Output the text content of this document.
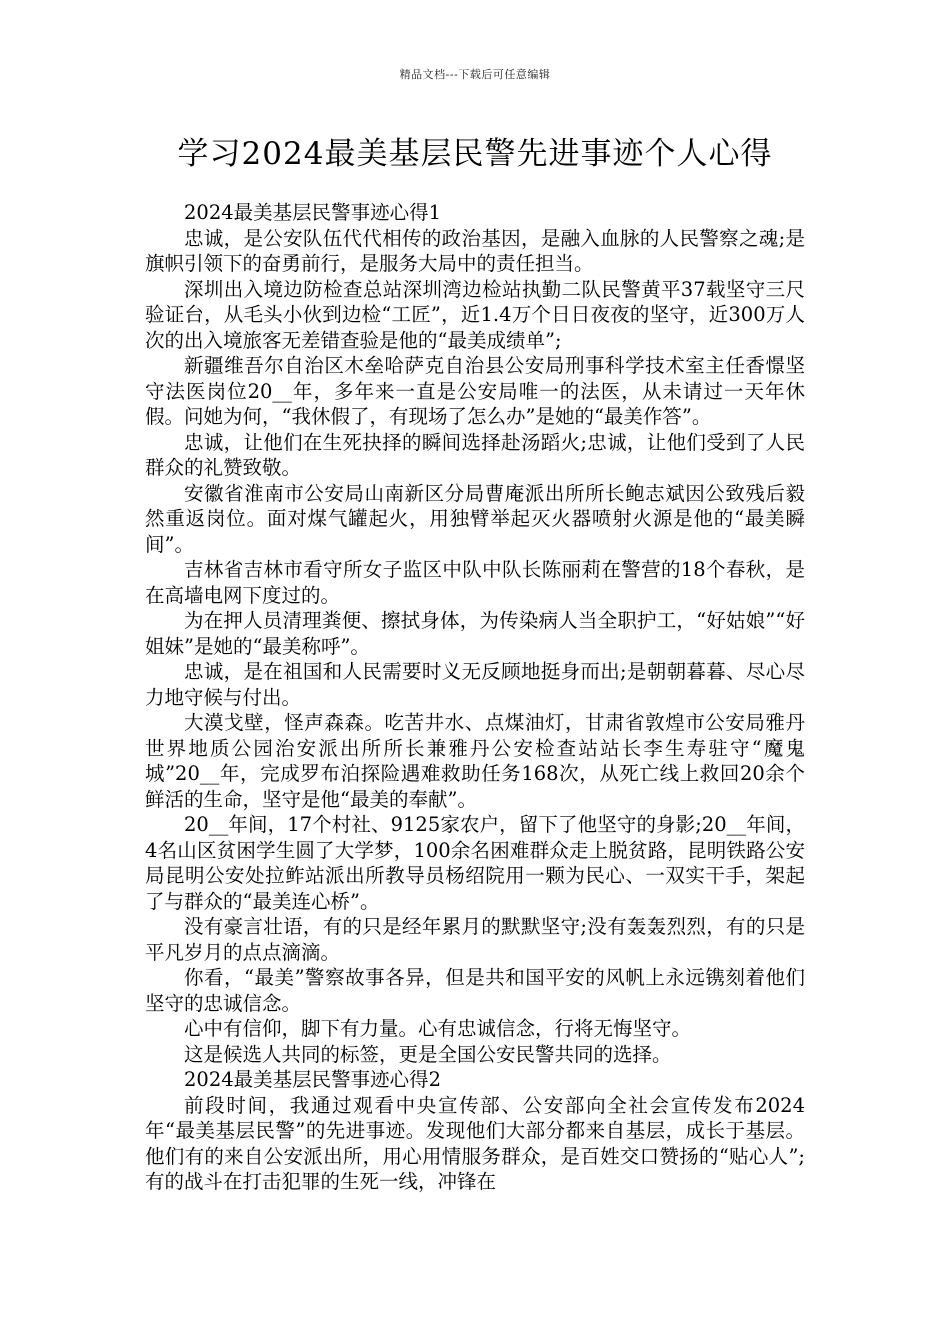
精品文档---下载后可任意编辑
学习2024最美基层民警先进事迹个人心得

2024最美基层民警事迹心得1

忠诚，是公安队伍代代相传的政治基因，是融入血脉的人民警察之魂;是旗帜引领下的奋勇前行，是服务大局中的责任担当。

深圳出入境边防检查总站深圳湾边检站执勤二队民警黄平37载坚守三尺验证台，从毛头小伙到边检“工匠”，近1.4万个日日夜夜的坚守，近300万人次的出入境旅客无差错查验是他的“最美成绩单”;

新疆维吾尔自治区木垒哈萨克自治县公安局刑事科学技术室主任香憬坚守法医岗位20__年，多年来一直是公安局唯一的法医，从未请过一天年休假。问她为何，“我休假了，有现场了怎么办”是她的“最美作答”。

忠诚，让他们在生死抉择的瞬间选择赴汤蹈火;忠诚，让他们受到了人民群众的礼赞致敬。

安徽省淮南市公安局山南新区分局曹庵派出所所长鲍志斌因公致残后毅然重返岗位。面对煤气罐起火，用独臂举起灭火器喷射火源是他的“最美瞬间”。

吉林省吉林市看守所女子监区中队中队长陈丽莉在警营的18个春秋，是在高墙电网下度过的。

为在押人员清理粪便、擦拭身体，为传染病人当全职护工，“好姑娘”“好姐妹”是她的“最美称呼”。

忠诚，是在祖国和人民需要时义无反顾地挺身而出;是朝朝暮暮、尽心尽力地守候与付出。

大漠戈壁，怪声森森。吃苦井水、点煤油灯，甘肃省敦煌市公安局雅丹世界地质公园治安派出所所长兼雅丹公安检查站站长李生寿驻守“魔鬼城”20__年，完成罗布泊探险遇难救助任务168次，从死亡线上救回20余个鲜活的生命，坚守是他“最美的奉献”。

20__年间，17个村社、9125家农户，留下了他坚守的身影;20__年间，4名山区贫困学生圆了大学梦，100余名困难群众走上脱贫路，昆明铁路公安局昆明公安处拉鲊站派出所教导员杨绍院用一颗为民心、一双实干手，架起了与群众的“最美连心桥”。

没有豪言壮语，有的只是经年累月的默默坚守;没有轰轰烈烈，有的只是平凡岁月的点点滴滴。

你看，“最美”警察故事各异，但是共和国平安的风帆上永远镌刻着他们坚守的忠诚信念。

心中有信仰，脚下有力量。心有忠诚信念，行将无悔坚守。

这是候选人共同的标签，更是全国公安民警共同的选择。

2024最美基层民警事迹心得2

前段时间，我通过观看中央宣传部、公安部向全社会宣传发布2024年“最美基层民警”的先进事迹。发现他们大部分都来自基层，成长于基层。他们有的来自公安派出所，用心用情服务群众，是百姓交口赞扬的“贴心人”;有的战斗在打击犯罪的生死一线，冲锋在
